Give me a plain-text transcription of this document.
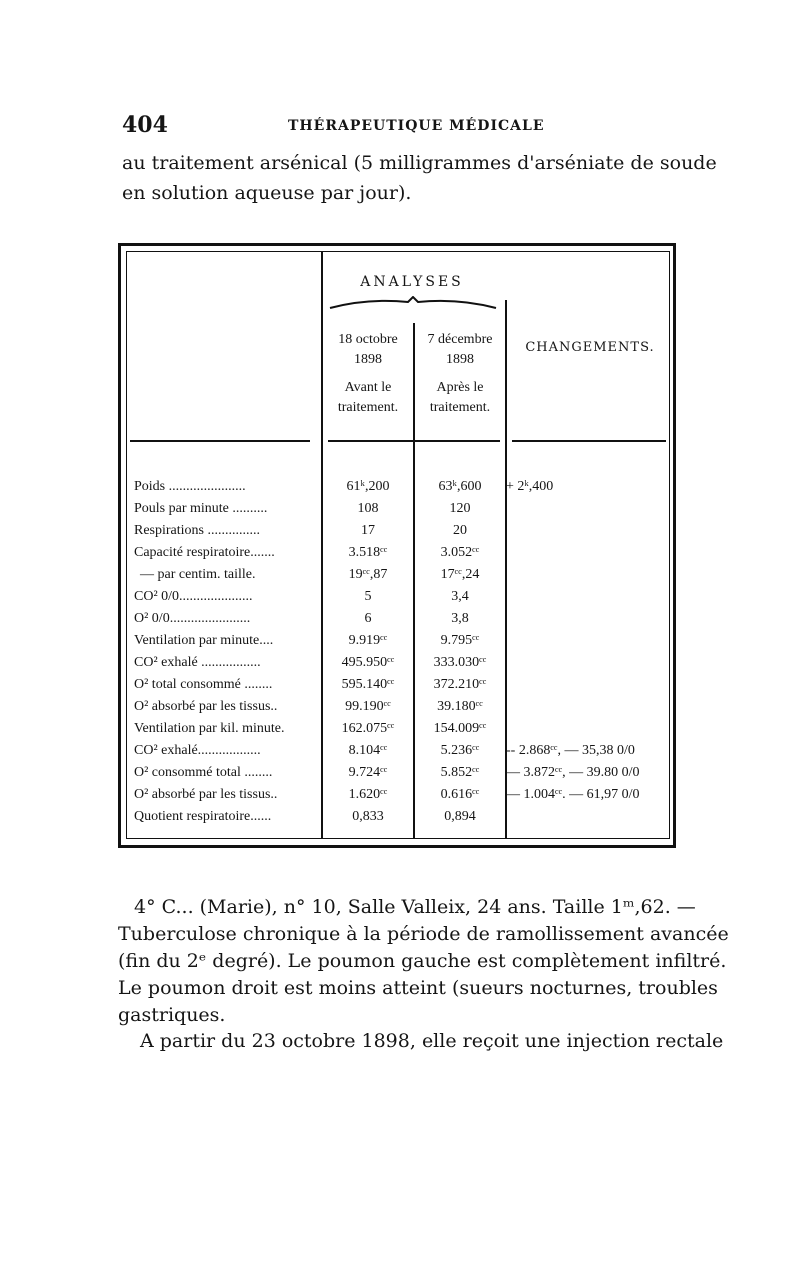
404	THÉRAPEUTIQUE MÉDICALE
au traitement arsénical (5 milligrammes d'arséniate de soude
en solution aqueuse par jour).
ANALYSES
18 octobre
1898
Avant le
traitement.
7 décembre
1898
Après le
traitement.
CHANGEMENTS.
Poids ......................	61ᵏ,200	63ᵏ,600	+ 2ᵏ,400
Pouls par minute ..........	108	120
Respirations ...............	17	20
Capacité respiratoire.......	3.518ᶜᶜ	3.052ᶜᶜ
— par centim. taille.	19ᶜᶜ,87	17ᶜᶜ,24
CO² 0/0.....................	5	3,4
O² 0/0.......................	6	3,8
Ventilation par minute....	9.919ᶜᶜ	9.795ᶜᶜ
CO² exhalé .................	495.950ᶜᶜ	333.030ᶜᶜ
O² total consommé ........	595.140ᶜᶜ	372.210ᶜᶜ
O² absorbé par les tissus..	99.190ᶜᶜ	39.180ᶜᶜ
Ventilation par kil. minute.	162.075ᶜᶜ	154.009ᶜᶜ
CO² exhalé..................	8.104ᶜᶜ	5.236ᶜᶜ	-- 2.868ᶜᶜ, — 35,38 0/0
O² consommé total ........	9.724ᶜᶜ	5.852ᶜᶜ	— 3.872ᶜᶜ, — 39.80 0/0
O² absorbé par les tissus..	1.620ᶜᶜ	0.616ᶜᶜ	— 1.004ᶜᶜ. — 61,97 0/0
Quotient respiratoire......	0,833	0,894
4° C... (Marie), n° 10, Salle Valleix, 24 ans. Taille 1ᵐ,62. —
Tuberculose chronique à la période de ramollissement avancée
(fin du 2ᵉ degré). Le poumon gauche est complètement infiltré.
Le poumon droit est moins atteint (sueurs nocturnes, troubles
gastriques.
A partir du 23 octobre 1898, elle reçoit une injection rectale
